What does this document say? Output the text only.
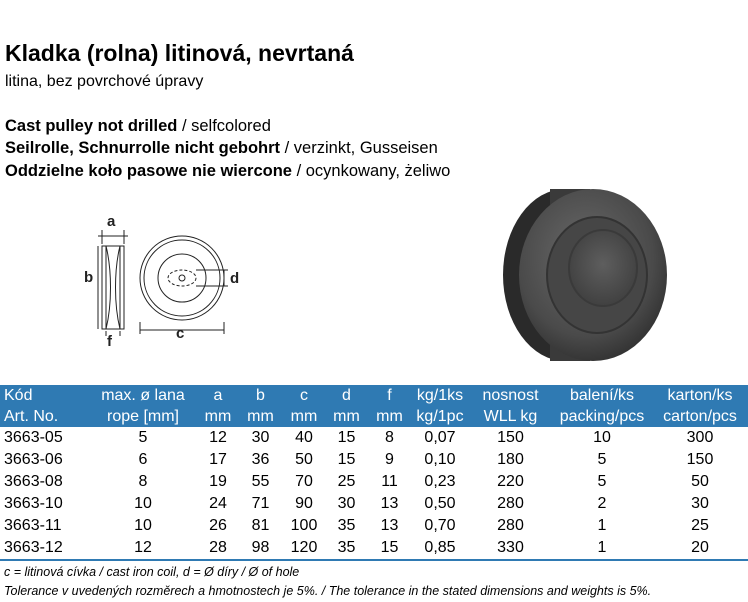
Kladka (rolna) litinová, nevrtaná
litina, bez povrchové úpravy
Cast pulley not drilled / selfcolored
Seilrolle, Schnurrolle nicht gebohrt / verzinkt, Gusseisen
Oddzielne koło pasowe nie wiercone / ocynkowany, żeliwo
a
b
f
d
c
Kód	max. ø lana	a	b	c	d	f	kg/1ks	nosnost	balení/ks	karton/ks
Art. No.	rope [mm]	mm	mm	mm	mm	mm	kg/1pc	WLL kg	packing/pcs	carton/pcs
3663-05	5	12	30	40	15	8	0,07	150	10	300
3663-06	6	17	36	50	15	9	0,10	180	5	150
3663-08	8	19	55	70	25	11	0,23	220	5	50
3663-10	10	24	71	90	30	13	0,50	280	2	30
3663-11	10	26	81	100	35	13	0,70	280	1	25
3663-12	12	28	98	120	35	15	0,85	330	1	20
c = litinová cívka / cast iron coil, d = Ø díry / Ø of hole
Tolerance v uvedených rozměrech a hmotnostech je 5%. / The tolerance in the stated dimensions and weights is 5%.
